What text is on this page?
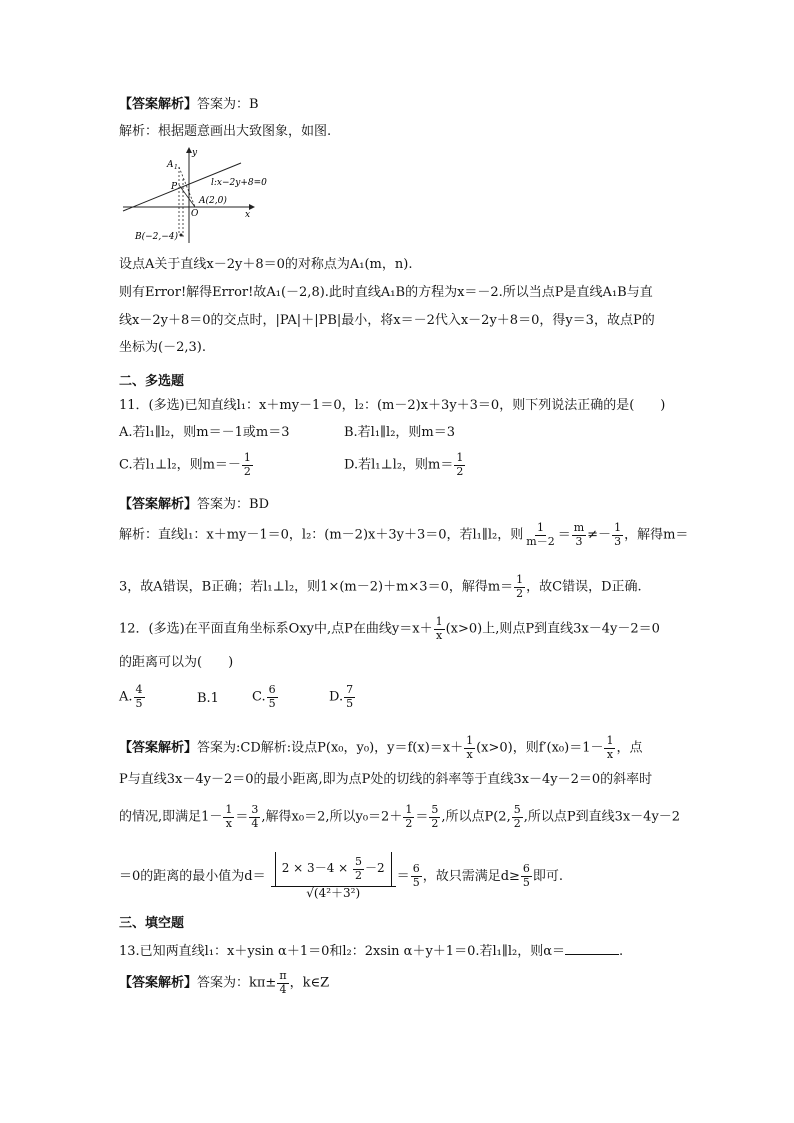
【答案解析】答案为：B
解析：根据题意画出大致图象，如图.
y
A 1
P	l:x−2y+8=0
A(2,0)
O	x
B(−2,−4)
设点A关于直线x－2y＋8＝0的对称点为A₁(m，n).
则有Error!解得Error!故A₁(－2,8).此时直线A₁B的方程为x＝－2.所以当点P是直线A₁B与直
线x－2y＋8＝0的交点时，|PA|＋|PB|最小，将x＝－2代入x－2y＋8＝0，得y＝3，故点P的
坐标为(－2,3).
二、多选题
11．(多选)已知直线l₁：x＋my－1＝0，l₂：(m－2)x＋3y＋3＝0，则下列说法正确的是(　　)
A.若l₁∥l₂，则m＝－1或m＝3	B.若l₁∥l₂，则m＝3
C.若l₁⊥l₂，则$m=- \frac{1}{2}$	D.若l₁⊥l₂，则$m= \frac{1}{2}$
【答案解析】答案为：BD
解析：直线l₁：x＋my－1＝0，l₂：(m－2)x＋3y＋3＝0，若l₁∥l₂，则 $\frac{1}{m-2} = \frac{m}{3} \ne- \frac{1}{3}$ ，解得m＝
3，故A错误，B正确；若l₁⊥l₂，则1×(m－2)＋m×3＝0，解得$m= \frac{1}{2}$ ，故C错误，D正确.
12．(多选)在平面直角坐标系Oxy中,点P在曲线$y=x+ \frac{1}{x} (x>0)$上,则点P到直线3x－4y－2＝0
的距离可以为(　　)
A. $\frac{4}{5}$	B.1	C. $\frac{6}{5}$	D. $\frac{7}{5}$
【答案解析】答案为:CD解析:设点P(x₀，y₀)，$y=f(x)=x+ \frac{1}{x} (x>0)$，则$f'(x_0)=1- \frac{1}{x}$ ，点
P与直线3x－4y－2＝0的最小距离,即为点P处的切线的斜率等于直线3x－4y－2＝0的斜率时
的情况,即满足$1- \frac{1}{x} = \frac{3}{4}$ ,解得x₀＝2,所以$y_0=2+ \frac{1}{2} = \frac{5}{2}$ ,所以点P(2, $\frac{5}{2}$ ,所以点P到直线3x－4y－2
＝0的距离的最小值为d＝ 2 × 3－4 ×
$\frac{5}{2} -2$
$√(4^2+3^2) = \frac{6}{5}$ ，故只需满足$d\ge \frac{6}{5}$ 即可.
三、填空题
13.已知两直线l₁：x＋ysin α＋1＝0和l₂：2xsin α＋y＋1＝0.若l₁∥l₂，则α＝	.
【答案解析】答案为：$k\pi\pm \frac{\pi}{4}$ ，k∈Z
